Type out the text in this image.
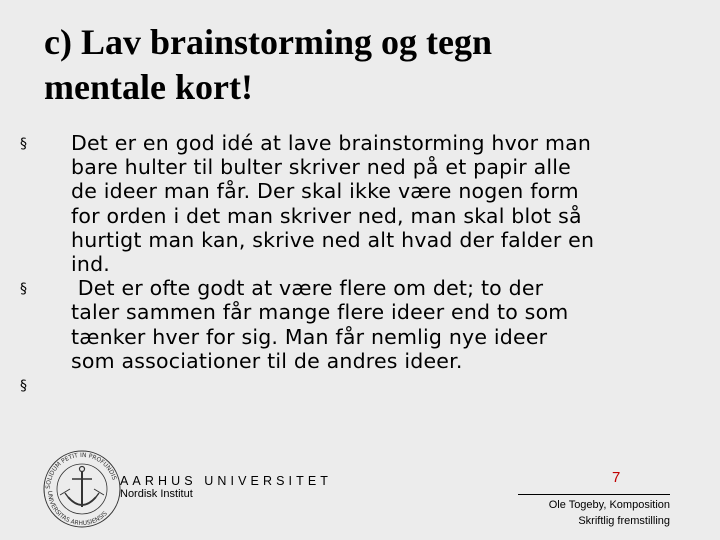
c) Lav brainstorming og tegn
mentale kort!
§ Det er en god idé at lave brainstorming hvor man
bare hulter til bulter skriver ned på et papir alle
de ideer man får. Der skal ikke være nogen form
for orden i det man skriver ned, man skal blot så
hurtigt man kan, skrive ned alt hvad der falder en
ind.
§ Det er ofte godt at være flere om det; to der
taler sammen får mange flere ideer end to som
tænker hver for sig. Man får nemlig nye ideer
som associationer til de andres ideer.
§
SOLIDUM PETIT IN PROFUNDIS
UNIVERSITAS ARHUSIENSIS
AARHUS UNIVERSITET
Nordisk Institut
7
Ole Togeby, Komposition
Skriftlig fremstilling
